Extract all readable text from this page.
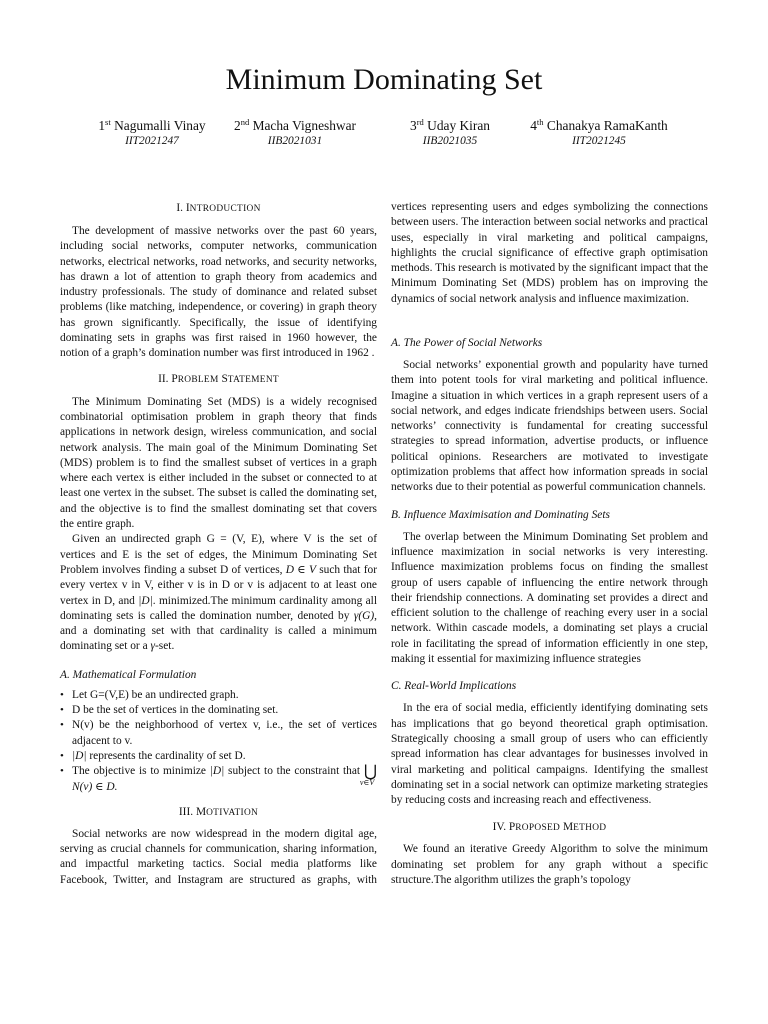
Minimum Dominating Set
1st Nagumalli Vinay
IIT2021247
2nd Macha Vigneshwar
IIB2021031
3rd Uday Kiran
IIB2021035
4th Chanakya RamaKanth
IIT2021245
I. INTRODUCTION

The development of massive networks over the past 60 years, including social networks, computer networks, communication networks, electrical networks, road networks, and security networks, has drawn a lot of attention to graph theory from academics and industry professionals. The study of dominance and related subset problems (like matching, independence, or covering) in graph theory has grown significantly. Specifically, the issue of identifying dominating sets in graphs was first raised in 1960 however, the notion of a graph’s domination number was first introduced in 1962 .

II. PROBLEM STATEMENT

The Minimum Dominating Set (MDS) is a widely recognised combinatorial optimisation problem in graph theory that finds applications in network design, wireless communication, and social network analysis. The main goal of the Minimum Dominating Set (MDS) problem is to find the smallest subset of vertices in a graph where each vertex is either included in the subset or connected to at least one vertex in the subset. The subset is called the dominating set, and the objective is to find the smallest dominating set that covers the entire graph.

Given an undirected graph G = (V, E), where V is the set of vertices and E is the set of edges, the Minimum Dominating Set Problem involves finding a subset D of vertices, D ∈ V such that for every vertex v in V, either v is in D or v is adjacent to at least one vertex in D, and |D|. minimized.The minimum cardinality among all dominating sets is called the domination number, denoted by γ(G), and a dominating set with that cardinality is called a minimum dominating set or a γ-set.

A. Mathematical Formulation
• Let G=(V,E) be an undirected graph.
• D be the set of vertices in the dominating set.
• N(v) be the neighborhood of vertex v, i.e., the set of vertices adjacent to v.
• |D| represents the cardinality of set D.
• The objective is to minimize |D| subject to the constraint that ⋃
v∈V
N(v) ∈ D.
III. MOTIVATION

Social networks are now widespread in the modern digital age, serving as crucial channels for communication, sharing information, and impactful marketing tactics. Social media platforms like Facebook, Twitter, and Instagram are structured as graphs, with

vertices representing users and edges symbolizing the connections between users. The interaction between social networks and practical uses, especially in viral marketing and political campaigns, highlights the crucial significance of effective graph optimisation methods. This research is motivated by the significant impact that the Minimum Dominating Set (MDS) problem has on improving the dynamics of social network analysis and influence maximization.

A. The Power of Social Networks

Social networks’ exponential growth and popularity have turned them into potent tools for viral marketing and political influence. Imagine a situation in which vertices in a graph represent users of a social network, and edges indicate friendships between users. Social networks’ connectivity is fundamental for creating successful strategies to spread information, advertise products, or influence political opinions. Researchers are motivated to investigate optimization problems that affect how information spreads in social networks due to their potential as powerful communication channels.

B. Influence Maximisation and Dominating Sets

The overlap between the Minimum Dominating Set problem and influence maximization in social networks is very interesting. Influence maximization problems focus on finding the smallest group of users capable of influencing the entire network through their friendship connections. A dominating set provides a direct and efficient solution to the challenge of reaching every user in a social network. Within cascade models, a dominating set plays a crucial role in facilitating the spread of information efficiently in one step, making it essential for maximizing influence strategies

C. Real-World Implications

In the era of social media, efficiently identifying dominating sets has implications that go beyond theoretical graph optimisation. Strategically choosing a small group of users who can efficiently spread information has clear advantages for businesses involved in viral marketing and political campaigns. Identifying the smallest dominating set in a social network can optimize marketing strategies by reducing costs and increasing reach and effectiveness.

IV. PROPOSED METHOD

We found an iterative Greedy Algorithm to solve the minimum dominating set problem for any graph without a specific structure.The algorithm utilizes the graph’s topology
